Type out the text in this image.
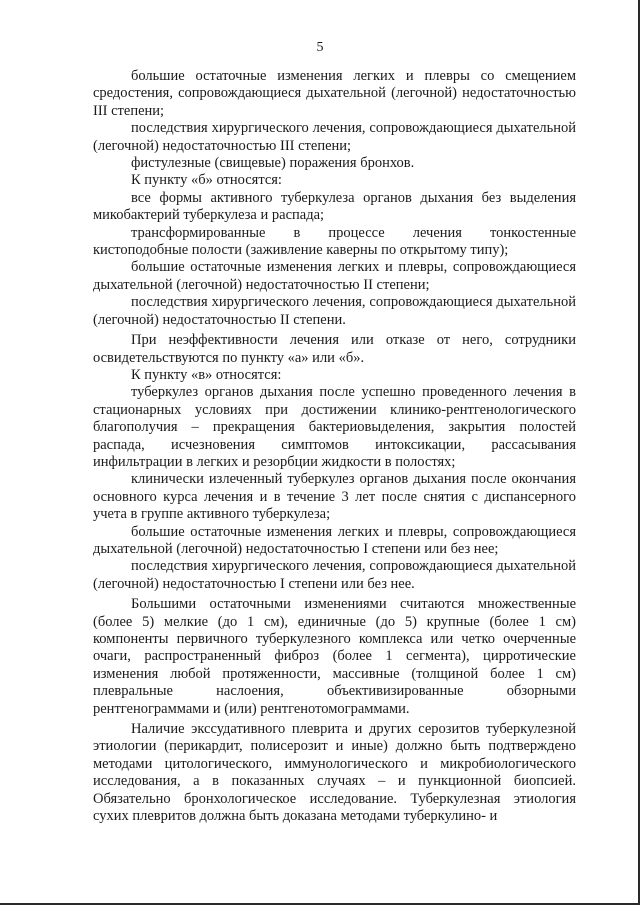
5

большие остаточные изменения легких и плевры со смещением средостения, сопровождающиеся дыхательной (легочной) недостаточностью III степени;

последствия хирургического лечения, сопровождающиеся дыхательной (легочной) недостаточностью III степени;

фистулезные (свищевые) поражения бронхов.

К пункту «б» относятся:

все формы активного туберкулеза органов дыхания без выделения микобактерий туберкулеза и распада;

трансформированные в процессе лечения тонкостенные кистоподобные полости (заживление каверны по открытому типу);

большие остаточные изменения легких и плевры, сопровождающиеся дыхательной (легочной) недостаточностью II степени;

последствия хирургического лечения, сопровождающиеся дыхательной (легочной) недостаточностью II степени.

При неэффективности лечения или отказе от него, сотрудники освидетельствуются по пункту «а» или «б».

К пункту «в» относятся:

туберкулез органов дыхания после успешно проведенного лечения в стационарных условиях при достижении клинико-рентгенологического благополучия – прекращения бактериовыделения, закрытия полостей распада, исчезновения симптомов интоксикации, рассасывания инфильтрации в легких и резорбции жидкости в полостях;

клинически излеченный туберкулез органов дыхания после окончания основного курса лечения и в течение 3 лет после снятия с диспансерного учета в группе активного туберкулеза;

большие остаточные изменения легких и плевры, сопровождающиеся дыхательной (легочной) недостаточностью I степени или без нее;

последствия хирургического лечения, сопровождающиеся дыхательной (легочной) недостаточностью I степени или без нее.

Большими остаточными изменениями считаются множественные (более 5) мелкие (до 1 см), единичные (до 5) крупные (более 1 см) компоненты первичного туберкулезного комплекса или четко очерченные очаги, распространенный фиброз (более 1 сегмента), цирротические изменения любой протяженности, массивные (толщиной более 1 см) плевральные наслоения, объективизированные обзорными рентгенограммами и (или) рентгенотомограммами.

Наличие экссудативного плеврита и других серозитов туберкулезной этиологии (перикардит, полисерозит и иные) должно быть подтверждено методами цитологического, иммунологического и микробиологического исследования, а в показанных случаях – и пункционной биопсией. Обязательно бронхологическое исследование. Туберкулезная этиология сухих плевритов должна быть доказана методами туберкулино- и
